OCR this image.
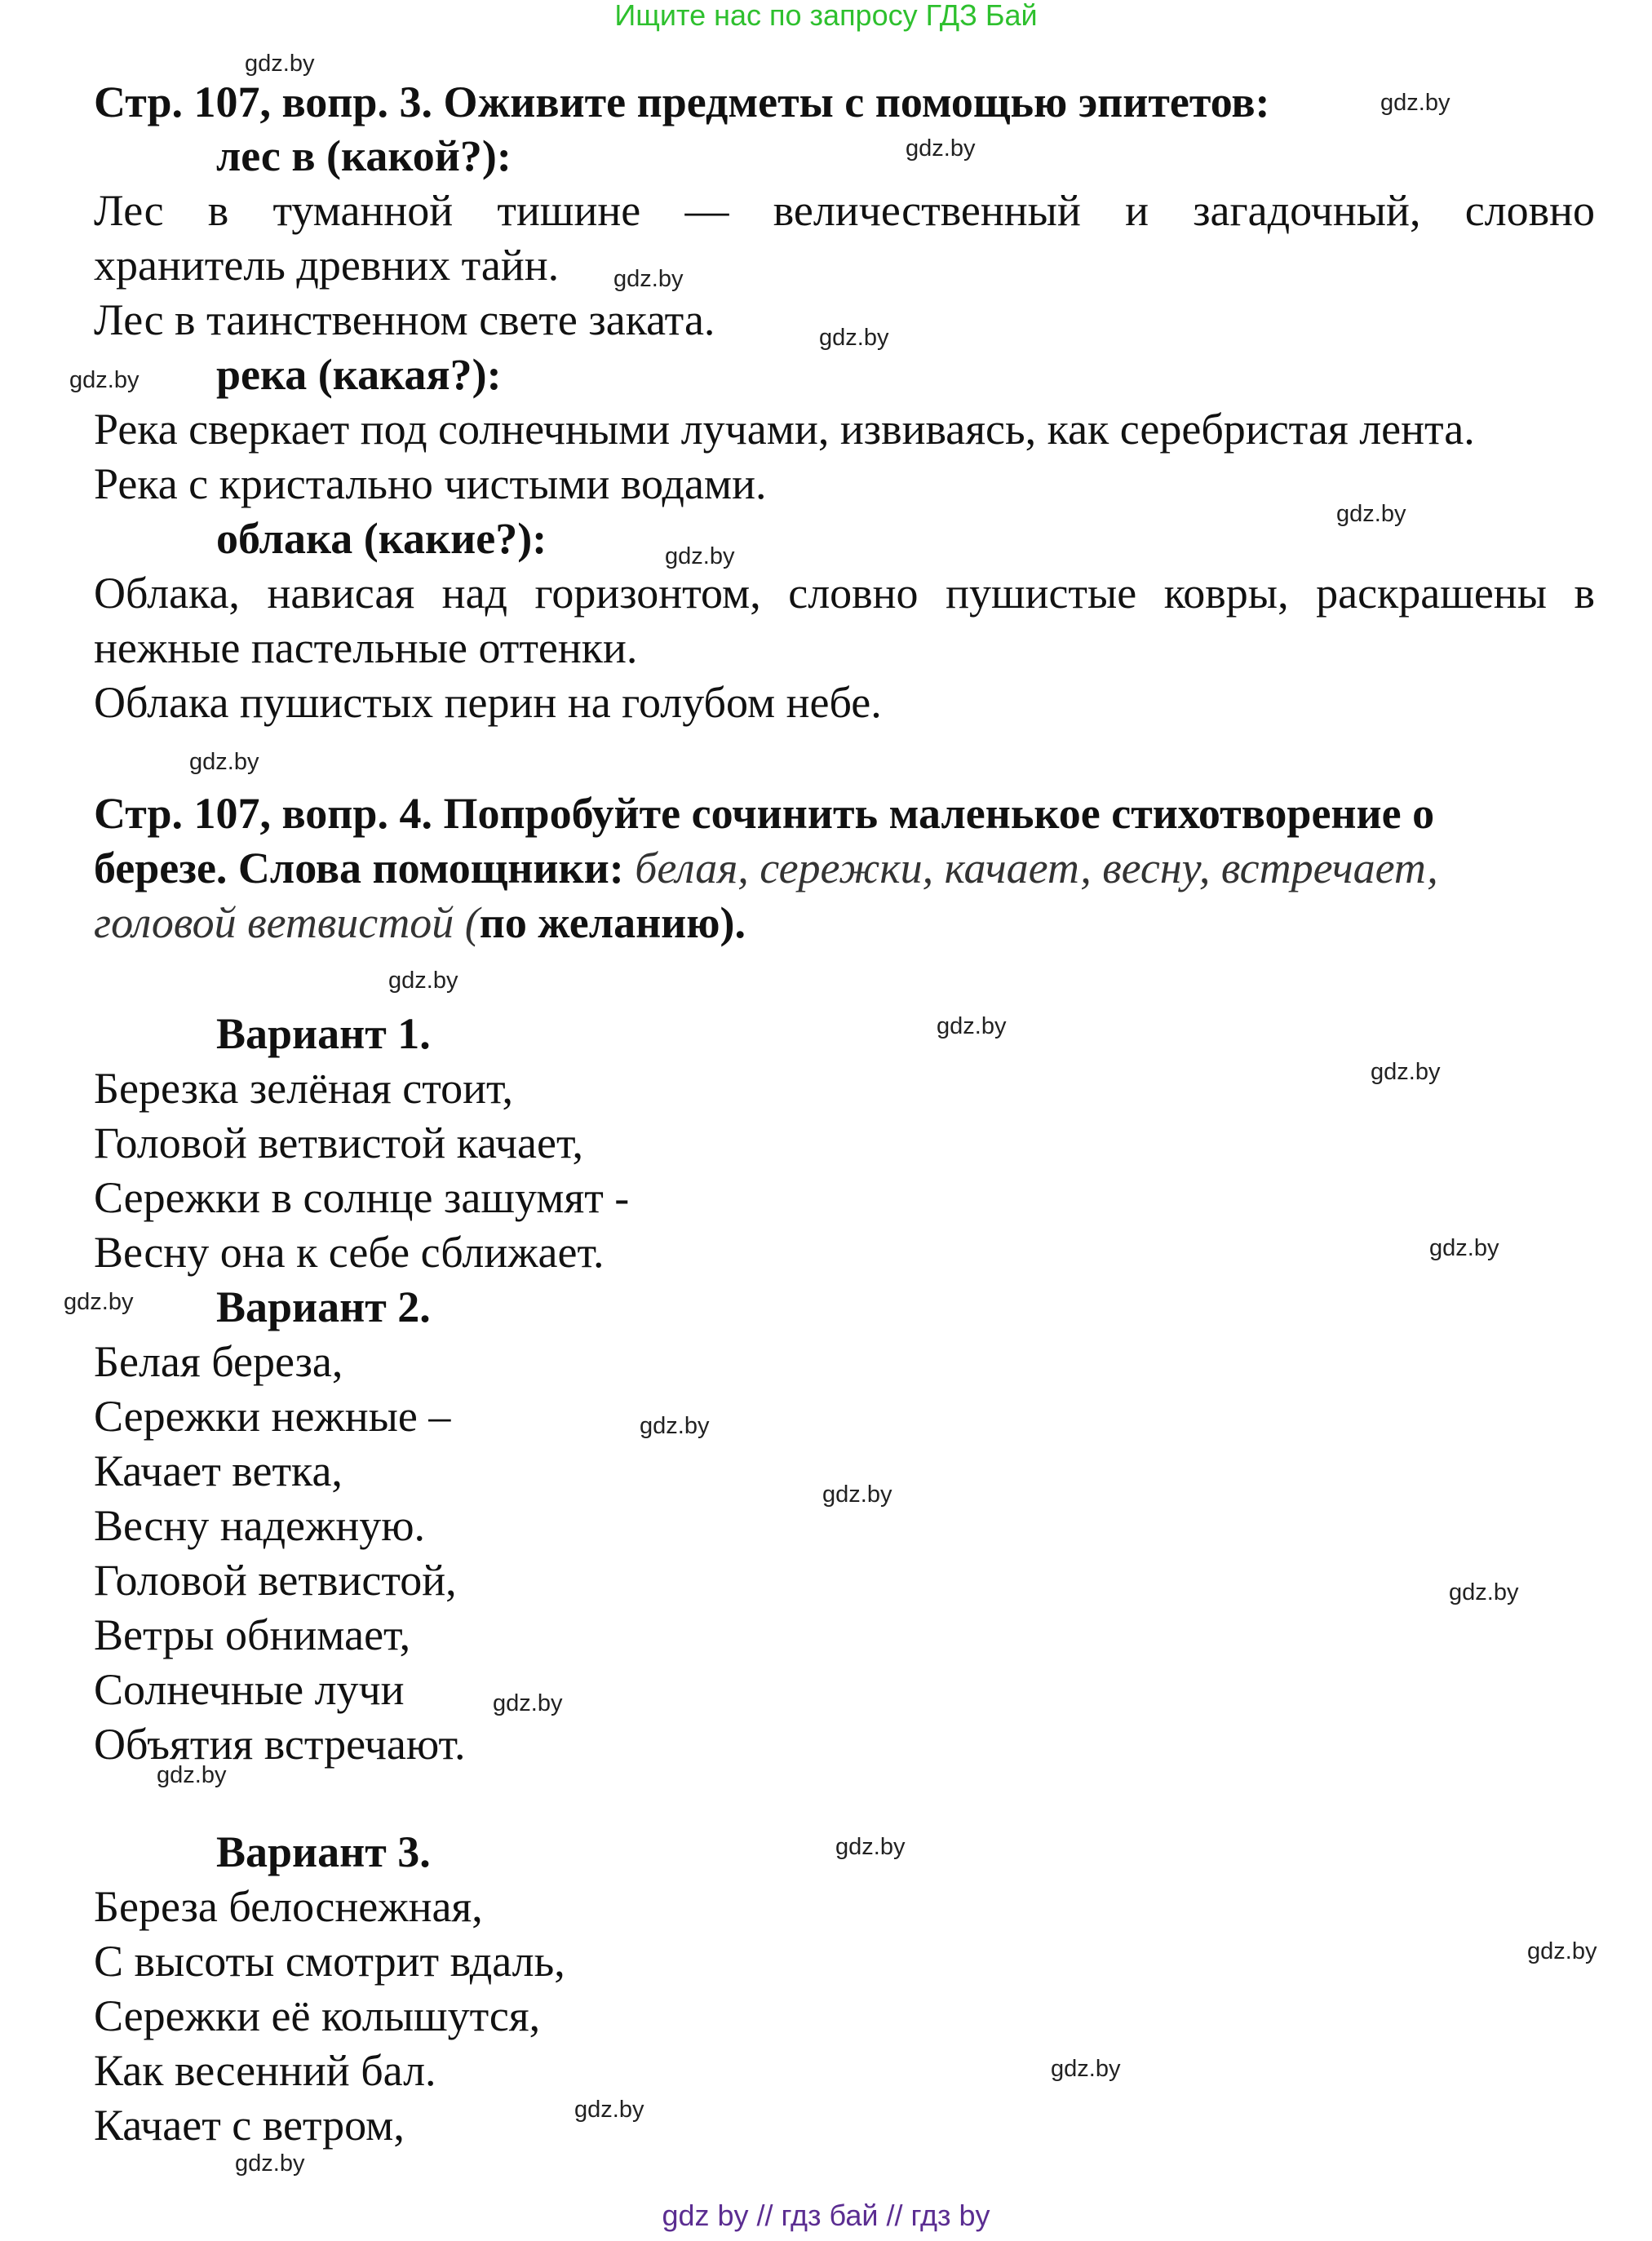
Ищите нас по запросу ГДЗ Бай
Стр. 107, вопр. 3. Оживите предметы с помощью эпитетов:
лес в (какой?):
Лес в туманной тишине — величественный и загадочный, словно
хранитель древних тайн.
Лес в таинственном свете заката.
река (какая?):
Река сверкает под солнечными лучами, извиваясь, как серебристая лента.
Река с кристально чистыми водами.
облака (какие?):
Облака, нависая над горизонтом, словно пушистые ковры, раскрашены в
нежные пастельные оттенки.
Облака пушистых перин на голубом небе.
Стр. 107, вопр. 4. Попробуйте сочинить маленькое стихотворение о
березе. Слова помощники: белая, сережки, качает, весну, встречает,
головой ветвистой (по желанию).
Вариант 1.
Березка зелёная стоит,
Головой ветвистой качает,
Сережки в солнце зашумят -
Весну она к себе сближает.
Вариант 2.
Белая береза,
Сережки нежные –
Качает ветка,
Весну надежную.
Головой ветвистой,
Ветры обнимает,
Солнечные лучи
Объятия встречают.
Вариант 3.
Береза белоснежная,
С высоты смотрит вдаль,
Сережки её колышутся,
Как весенний бал.
Качает с ветром,
gdz.by
gdz.by
gdz.by
gdz.by
gdz.by
gdz.by
gdz.by
gdz.by
gdz.by
gdz.by
gdz.by
gdz.by
gdz.by
gdz.by
gdz.by
gdz.by
gdz.by
gdz.by
gdz.by
gdz.by
gdz.by
gdz.by
gdz.by
gdz.by
gdz by // гдз бай // гдз by
